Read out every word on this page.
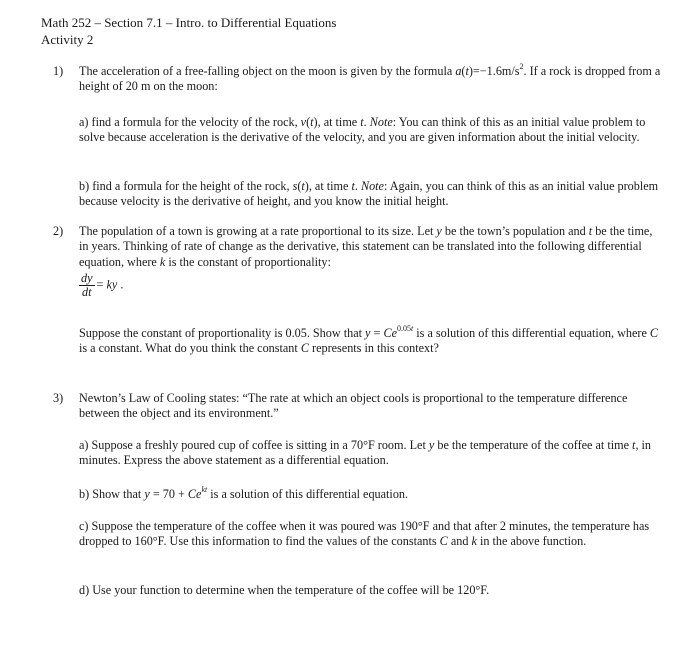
Math 252 – Section 7.1 – Intro. to Differential Equations
Activity 2
1) The acceleration of a free-falling object on the moon is given by the formula $a(t)=-1.6m/s^2$. If a rock is dropped from a height of 20 m on the moon:

a) find a formula for the velocity of the rock, v(t), at time t. Note: You can think of this as an initial value problem to solve because acceleration is the derivative of the velocity, and you are given information about the initial velocity.

b) find a formula for the height of the rock, s(t), at time t. Note: Again, you can think of this as an initial value problem because velocity is the derivative of height, and you know the initial height.

2) The population of a town is growing at a rate proportional to its size. Let y be the town’s population and t be the time, in years. Thinking of rate of change as the derivative, this statement can be translated into the following differential equation, where k is the constant of proportionality:

$\frac{dy}{dt}$ = ky .

Suppose the constant of proportionality is 0.05. Show that $y = Ce^{0.05t}$ is a solution of this differential equation, where C is a constant. What do you think the constant C represents in this context?

3) Newton’s Law of Cooling states: “The rate at which an object cools is proportional to the temperature difference between the object and its environment.”

a) Suppose a freshly poured cup of coffee is sitting in a 70°F room. Let y be the temperature of the coffee at time t, in minutes. Express the above statement as a differential equation.

b) Show that $y = 70 + Ce^{kt}$ is a solution of this differential equation.

c) Suppose the temperature of the coffee when it was poured was 190°F and that after 2 minutes, the temperature has dropped to 160°F. Use this information to find the values of the constants C and k in the above function.

d) Use your function to determine when the temperature of the coffee will be 120°F.
